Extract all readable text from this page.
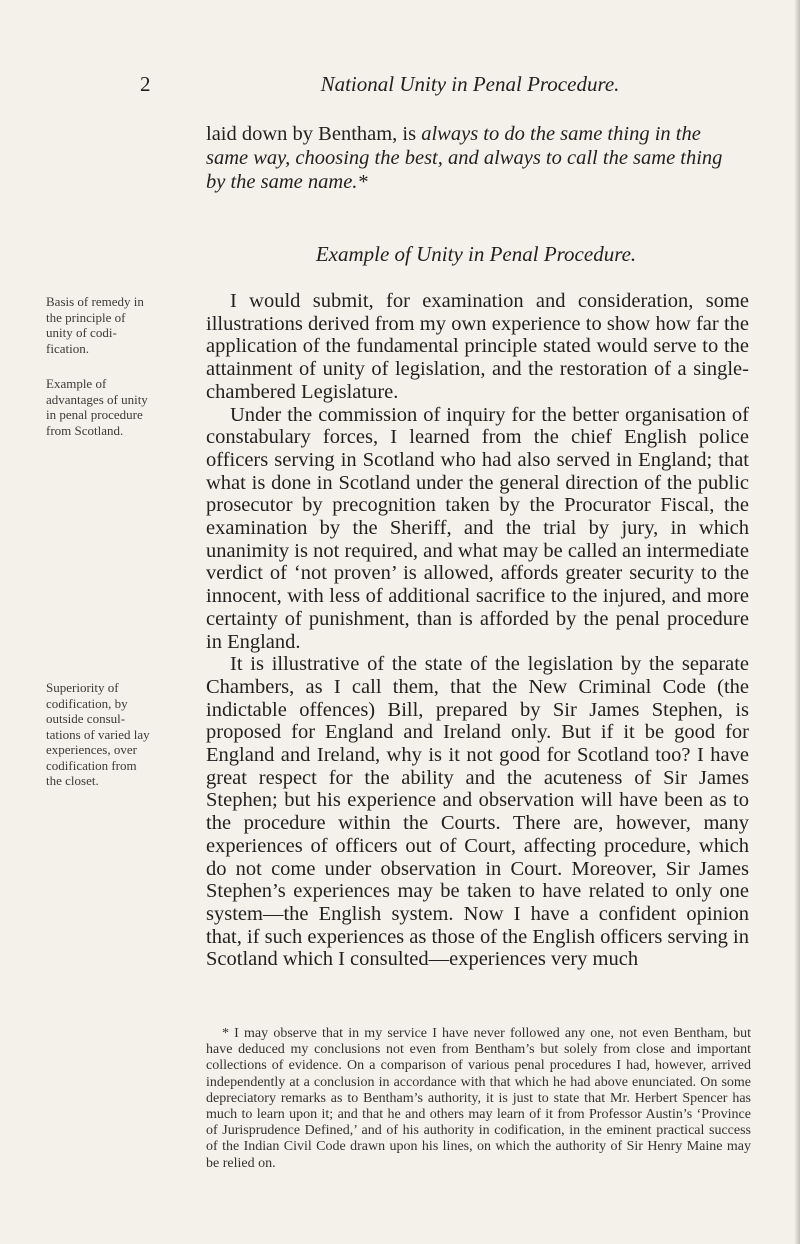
2	National Unity in Penal Procedure.
laid down by Bentham, is always to do the same thing in the same way, choosing the best, and always to call the same thing by the same name.*
Example of Unity in Penal Procedure.
Basis of remedy in the principle of unity of codification.
Example of advantages of unity in penal procedure from Scotland.
Superiority of codification, by outside consultations of varied lay experiences, over codification from the closet.

I would submit, for examination and consideration, some illustrations derived from my own experience to show how far the application of the fundamental principle stated would serve to the attainment of unity of legislation, and the restoration of a single-chambered Legislature.

Under the commission of inquiry for the better organisation of constabulary forces, I learned from the chief English police officers serving in Scotland who had also served in England; that what is done in Scotland under the general direction of the public prosecutor by precognition taken by the Procurator Fiscal, the examination by the Sheriff, and the trial by jury, in which unanimity is not required, and what may be called an intermediate verdict of ‘not proven’ is allowed, affords greater security to the innocent, with less of additional sacrifice to the injured, and more certainty of punishment, than is afforded by the penal procedure in England.

It is illustrative of the state of the legislation by the separate Chambers, as I call them, that the New Criminal Code (the indictable offences) Bill, prepared by Sir James Stephen, is proposed for England and Ireland only. But if it be good for England and Ireland, why is it not good for Scotland too? I have great respect for the ability and the acuteness of Sir James Stephen; but his experience and observation will have been as to the procedure within the Courts. There are, however, many experiences of officers out of Court, affecting procedure, which do not come under observation in Court. Moreover, Sir James Stephen’s experiences may be taken to have related to only one system—the English system. Now I have a confident opinion that, if such experiences as those of the English officers serving in Scotland which I consulted—experiences very much

* I may observe that in my service I have never followed any one, not even Bentham, but have deduced my conclusions not even from Bentham’s but solely from close and important collections of evidence. On a comparison of various penal procedures I had, however, arrived independently at a conclusion in accordance with that which he had above enunciated. On some depreciatory remarks as to Bentham’s authority, it is just to state that Mr. Herbert Spencer has much to learn upon it; and that he and others may learn of it from Professor Austin’s ‘Province of Jurisprudence Defined,’ and of his authority in codification, in the eminent practical success of the Indian Civil Code drawn upon his lines, on which the authority of Sir Henry Maine may be relied on.
